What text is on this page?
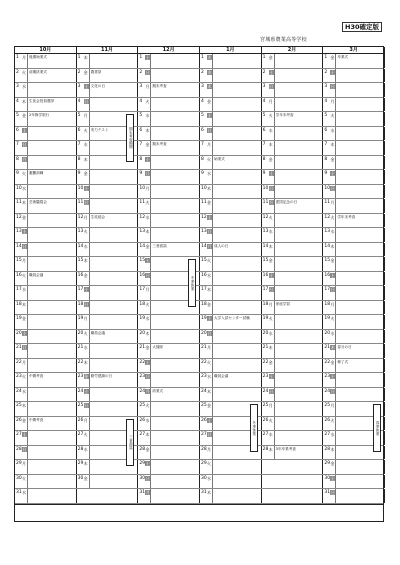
H30確定版
宮城県農業高等学校
10月	11月	12月	1月	2月	3月
1 月 後期始業式	1 木	1 土	1 火	1 金	1 金 卒業式
2 火 前期終業式	2 金 農業祭	2 日	2 水	2 土	2 土
3 水	3 土 文化の日	3 月 期末考査	3 木	3 日	3 日
4 木 生徒会役員選挙	4 日	4 火	4 金	4 月	4 月
5 金 2年修学旅行	5 月	5 水	5 土	5 火 学年末考査	5 火
6 土	6 火 実力テスト	6 木	6 日	6 水	6 水
7 日	7 水	7 金 期末考査	7 月	7 木	7 木
8 月	8 木	8 土	8 火 始業式	8 金	8 金
9 火 避難訓練	9 金	9 日	9 水	9 土	9 土
10 水	10 土	10 月	10 木	10 日	10 日
11 木 芸術鑑賞会	11 日	11 火	11 金	11 月 建国記念の日	11 月
12 金	12 月 生徒総会	12 水	12 土	12 火	12 火 学年末考査
13 土	13 火	13 木	13 日	13 水	13 水
14 日	14 水	14 金 三者面談	14 月 成人の日	14 木	14 木
15 月	15 木	15 土	15 火	15 金	15 金
16 火 職員会議	16 金	16 日	16 水	16 土	16 土
17 水	17 土	17 月	17 木	17 日	17 日
18 木	18 日	18 火	18 金	18 月 家庭学習	18 月
19 金	19 月	19 水	19 土 大学入試センター試験	19 火	19 火
20 土	20 火 職員会議	20 木	20 日	20 水	20 水
21 日	21 水	21 金 大掃除	21 月	21 木	21 木 春分の日
22 月	22 木	22 土	22 火	22 金	22 金 修了式
23 火 中間考査	23 金 勤労感謝の日	23 日	23 水 職員会議	23 土	23 土
24 水	24 土	24 月 終業式	24 木	24 日	24 日
25 木	25 日	25 火	25 金	25 月	25 月
26 金 中間考査	26 月	26 水	26 土	26 火	26 火
27 土	27 火	27 木	27 日	27 水	27 水
28 日	28 水	28 金	28 月	28 木 3年卒業考査	28 木
29 月	29 木	29 土	29 火	29 金
30 火	30 金	30 日	30 水	30 土
31 水	31 月	31 木	31 日
期末考査期間
三者面談
冬季休業
冬季休業	春季休業
